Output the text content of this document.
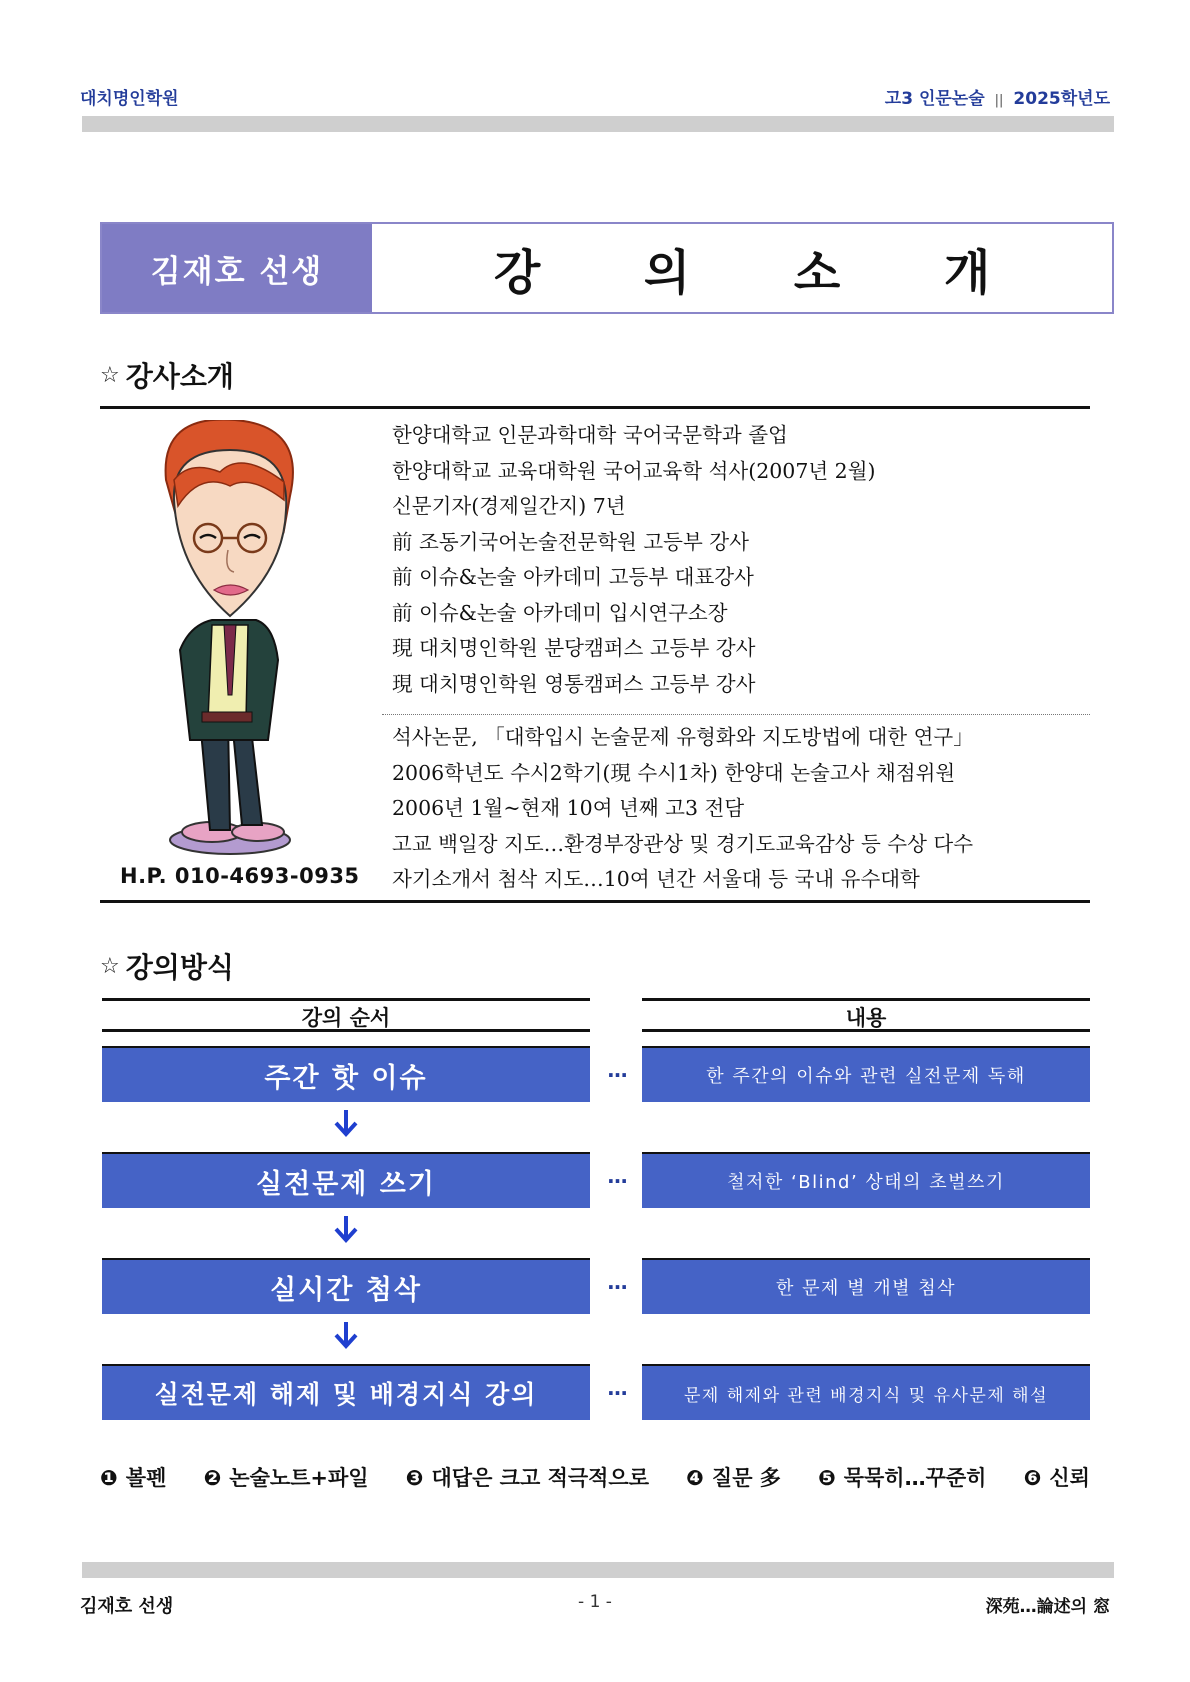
대치명인학원	고3 인문논술 || 2025학년도
김재호 선생	강 의 소 개
☆ 강사소개
한양대학교 인문과학대학 국어국문학과 졸업
한양대학교 교육대학원 국어교육학 석사(2007년 2월)
신문기자(경제일간지) 7년
前 조동기국어논술전문학원 고등부 강사
前 이슈&논술 아카데미 고등부 대표강사
前 이슈&논술 아카데미 입시연구소장
現 대치명인학원 분당캠퍼스 고등부 강사
現 대치명인학원 영통캠퍼스 고등부 강사
석사논문, 「대학입시 논술문제 유형화와 지도방법에 대한 연구」
2006학년도 수시2학기(現 수시1차) 한양대 논술고사 채점위원
2006년 1월~현재 10여 년째 고3 전담
고교 백일장 지도…환경부장관상 및 경기도교육감상 등 수상 다수
자기소개서 첨삭 지도…10여 년간 서울대 등 국내 유수대학
H.P. 010-4693-0935
☆ 강의방식
강의 순서	내용
주간 핫 이슈	…	한 주간의 이슈와 관련 실전문제 독해
실전문제 쓰기	…	철저한 ‘Blind’ 상태의 초벌쓰기
실시간 첨삭	…	한 문제 별 개별 첨삭
실전문제 해제 및 배경지식 강의	…	문제 해제와 관련 배경지식 및 유사문제 해설
❶ 볼펜 ❷ 논술노트+파일 ❸ 대답은 크고 적극적으로 ❹ 질문 多 ❺ 묵묵히…꾸준히 ❻ 신뢰
김재호 선생	- 1 -	深苑…論述의 窓
